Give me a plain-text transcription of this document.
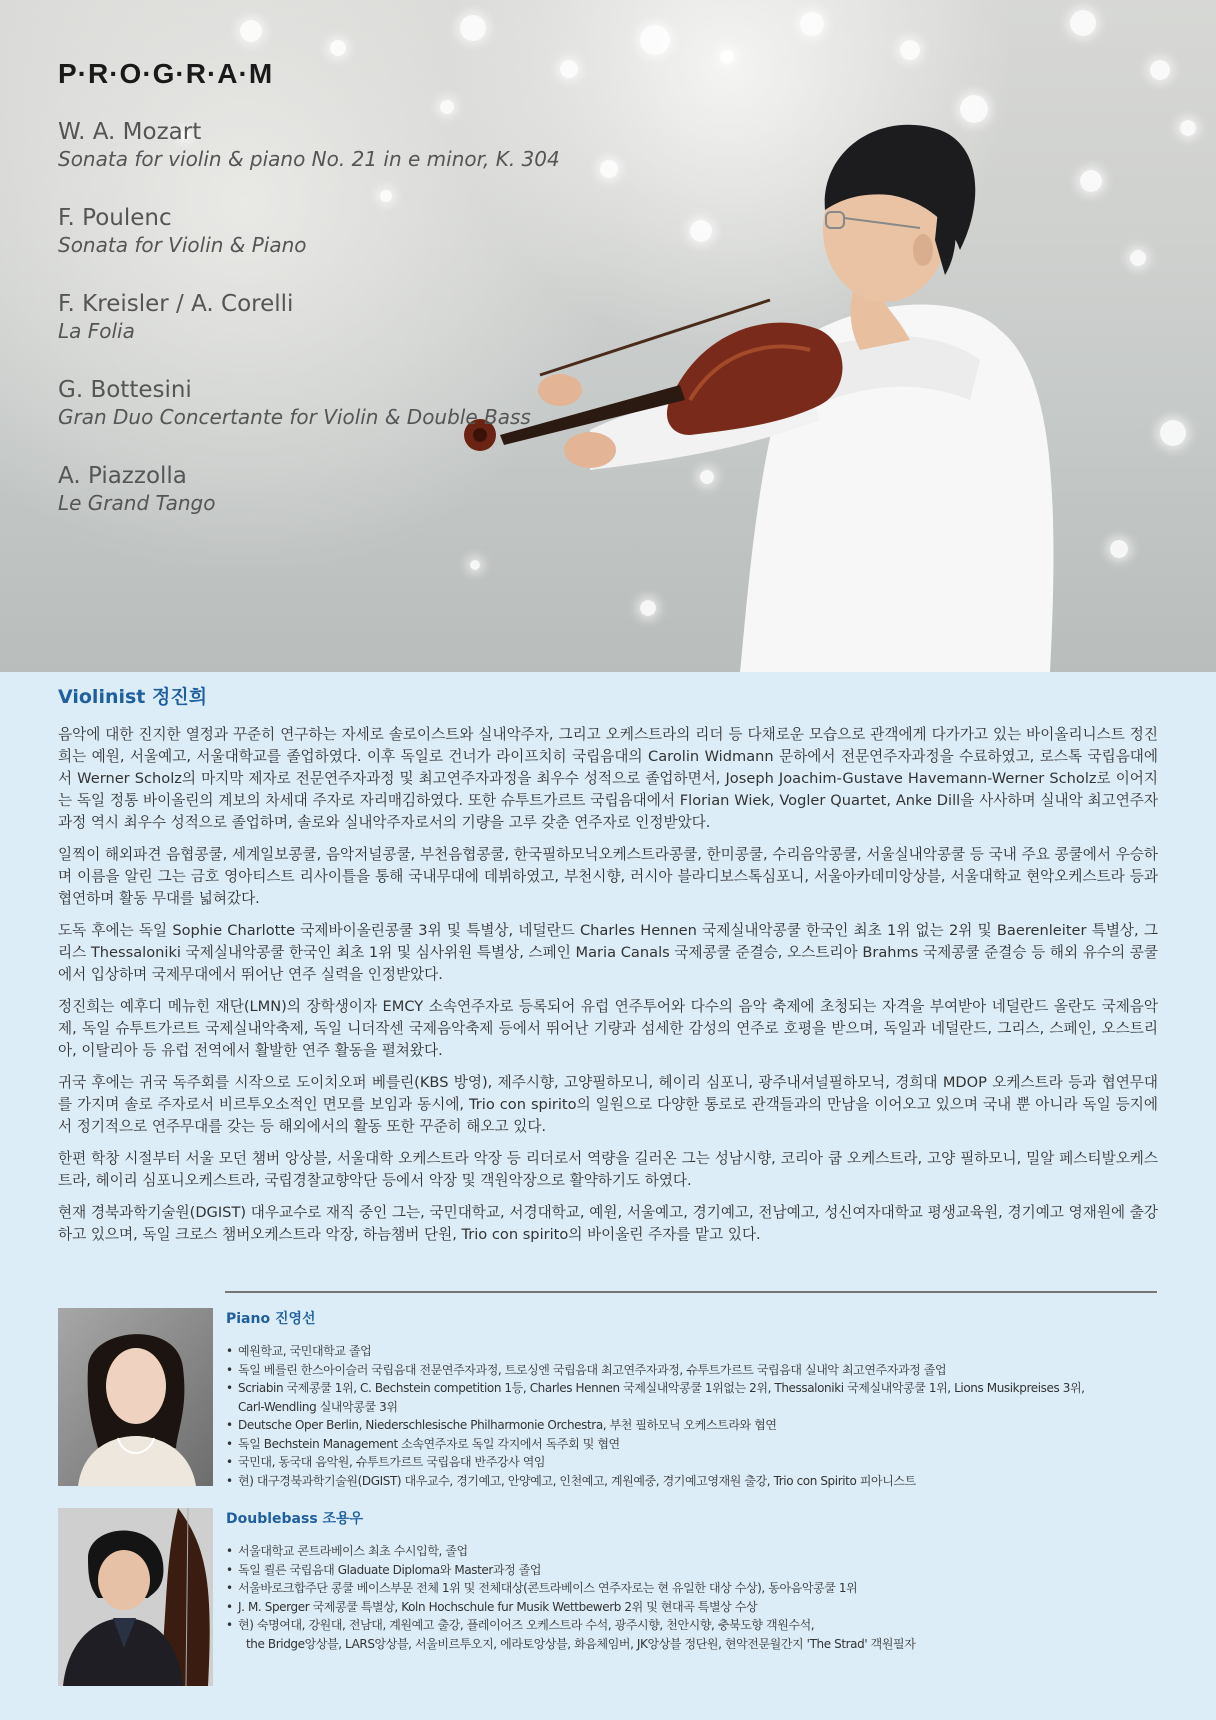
P·R·O·G·R·A·M
W. A. Mozart
Sonata for violin & piano No. 21 in e minor, K. 304
F. Poulenc
Sonata for Violin & Piano
F. Kreisler / A. Corelli
La Folia
G. Bottesini
Gran Duo Concertante for Violin & Double Bass
A. Piazzolla
Le Grand Tango
Violinist 정진희

음악에 대한 진지한 열정과 꾸준히 연구하는 자세로 솔로이스트와 실내악주자, 그리고 오케스트라의 리더 등 다채로운 모습으로 관객에게 다가가고 있는 바이올리니스트 정진희는 예원, 서울예고, 서울대학교를 졸업하였다. 이후 독일로 건너가 라이프치히 국립음대의 Carolin Widmann 문하에서 전문연주자과정을 수료하였고, 로스톡 국립음대에서 Werner Scholz의 마지막 제자로 전문연주자과정 및 최고연주자과정을 최우수 성적으로 졸업하면서, Joseph Joachim-Gustave Havemann-Werner Scholz로 이어지는 독일 정통 바이올린의 계보의 차세대 주자로 자리매김하였다. 또한 슈투트가르트 국립음대에서 Florian Wiek, Vogler Quartet, Anke Dill을 사사하며 실내악 최고연주자과정 역시 최우수 성적으로 졸업하며, 솔로와 실내악주자로서의 기량을 고루 갖춘 연주자로 인정받았다.

일찍이 해외파견 음협콩쿨, 세계일보콩쿨, 음악저널콩쿨, 부천음협콩쿨, 한국필하모닉오케스트라콩쿨, 한미콩쿨, 수리음악콩쿨, 서울실내악콩쿨 등 국내 주요 콩쿨에서 우승하며 이름을 알린 그는 금호 영아티스트 리사이틀을 통해 국내무대에 데뷔하였고, 부천시향, 러시아 블라디보스톡심포니, 서울아카데미앙상블, 서울대학교 현악오케스트라 등과 협연하며 활동 무대를 넓혀갔다.

도독 후에는 독일 Sophie Charlotte 국제바이올린콩쿨 3위 및 특별상, 네덜란드 Charles Hennen 국제실내악콩쿨 한국인 최초 1위 없는 2위 및 Baerenleiter 특별상, 그리스 Thessaloniki 국제실내악콩쿨 한국인 최초 1위 및 심사위원 특별상, 스페인 Maria Canals 국제콩쿨 준결승, 오스트리아 Brahms 국제콩쿨 준결승 등 해외 유수의 콩쿨에서 입상하며 국제무대에서 뛰어난 연주 실력을 인정받았다.

정진희는 예후디 메뉴힌 재단(LMN)의 장학생이자 EMCY 소속연주자로 등록되어 유럽 연주투어와 다수의 음악 축제에 초청되는 자격을 부여받아 네덜란드 올란도 국제음악제, 독일 슈투트가르트 국제실내악축제, 독일 니더작센 국제음악축제 등에서 뛰어난 기량과 섬세한 감성의 연주로 호평을 받으며, 독일과 네덜란드, 그리스, 스페인, 오스트리아, 이탈리아 등 유럽 전역에서 활발한 연주 활동을 펼쳐왔다.

귀국 후에는 귀국 독주회를 시작으로 도이치오퍼 베를린(KBS 방영), 제주시향, 고양필하모니, 헤이리 심포니, 광주내셔널필하모닉, 경희대 MDOP 오케스트라 등과 협연무대를 가지며 솔로 주자로서 비르투오소적인 면모를 보임과 동시에, Trio con spirito의 일원으로 다양한 통로로 관객들과의 만남을 이어오고 있으며 국내 뿐 아니라 독일 등지에서 정기적으로 연주무대를 갖는 등 해외에서의 활동 또한 꾸준히 해오고 있다.

한편 학창 시절부터 서울 모던 챔버 앙상블, 서울대학 오케스트라 악장 등 리더로서 역량을 길러온 그는 성남시향, 코리아 쿱 오케스트라, 고양 필하모니, 밀알 페스티발오케스트라, 헤이리 심포니오케스트라, 국립경찰교향악단 등에서 악장 및 객원악장으로 활약하기도 하였다.

현재 경북과학기술원(DGIST) 대우교수로 재직 중인 그는, 국민대학교, 서경대학교, 예원, 서울예고, 경기예고, 전남예고, 성신여자대학교 평생교육원, 경기예고 영재원에 출강하고 있으며, 독일 크로스 챔버오케스트라 악장, 하늠챔버 단원, Trio con spirito의 바이올린 주자를 맡고 있다.

Piano 진영선
• 예원학교, 국민대학교 졸업
• 독일 베를린 한스아이슬러 국립음대 전문연주자과정, 트로싱엔 국립음대 최고연주자과정, 슈투트가르트 국립음대 실내악 최고연주자과정 졸업
• Scriabin 국제콩쿨 1위, C. Bechstein competition 1등, Charles Hennen 국제실내악콩쿨 1위없는 2위, Thessaloniki 국제실내악콩쿨 1위, Lions Musikpreises 3위,
Carl-Wendling 실내악콩쿨 3위
• Deutsche Oper Berlin, Niederschlesische Philharmonie Orchestra, 부천 필하모닉 오케스트라와 협연
• 독일 Bechstein Management 소속연주자로 독일 각지에서 독주회 및 협연
• 국민대, 동국대 음악원, 슈투트가르트 국립음대 반주강사 역임
• 현) 대구경북과학기술원(DGIST) 대우교수, 경기예고, 안양예고, 인천예고, 계원예중, 경기예고영재원 출강, Trio con Spirito 피아니스트
Doublebass 조용우
• 서울대학교 콘트라베이스 최초 수시입학, 졸업
• 독일 쾰른 국립음대 Gladuate Diploma와 Master과정 졸업
• 서울바로크합주단 콩쿨 베이스부문 전체 1위 및 전체대상(콘트라베이스 연주자로는 현 유일한 대상 수상), 동아음악콩쿨 1위
• J. M. Sperger 국제콩쿨 특별상, Koln Hochschule fur Musik Wettbewerb 2위 및 현대곡 특별상 수상
• 현) 숙명여대, 강원대, 전남대, 계원예고 출강, 플레이어즈 오케스트라 수석, 광주시향, 천안시향, 충북도향 객원수석,
the Bridge앙상블, LARS앙상블, 서울비르투오지, 에라토앙상블, 화음체임버, JK앙상블 정단원, 현악전문월간지 'The Strad' 객원필자
